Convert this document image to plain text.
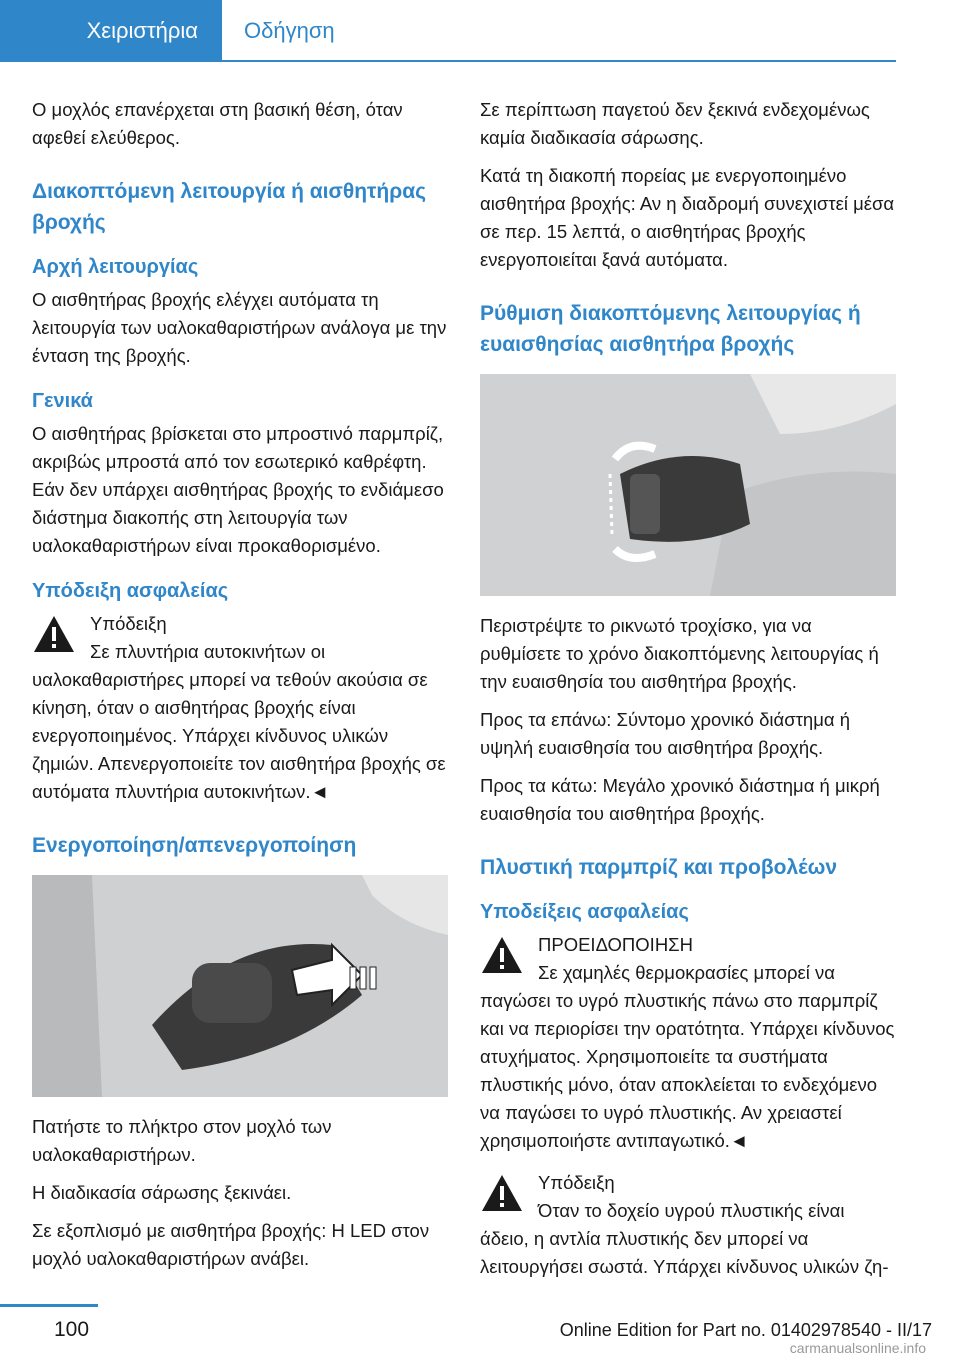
Χειριστήρια	Οδήγηση

Ο μοχλός επανέρχεται στη βασική θέση, όταν αφεθεί ελεύθερος.

Διακοπτόμενη λειτουργία ή αισθητήρας βροχής
Αρχή λειτουργίας

Ο αισθητήρας βροχής ελέγχει αυτόματα τη λειτουργία των υαλοκαθαριστήρων ανάλογα με την ένταση της βροχής.

Γενικά

Ο αισθητήρας βρίσκεται στο μπροστινό παρμπρίζ, ακριβώς μπροστά από τον εσωτερικό καθρέφτη. Εάν δεν υπάρχει αισθητήρας βροχής το ενδιάμεσο διάστημα διακοπής στη λειτουργία των υαλοκαθαριστήρων είναι προκαθορισμένο.

Υπόδειξη ασφαλείας
Υπόδειξη
Σε πλυντήρια αυτοκινήτων οι υαλοκαθαριστήρες μπορεί να τεθούν ακούσια σε κίνηση, όταν ο αισθητήρας βροχής είναι ενεργοποιημένος. Υπάρχει κίνδυνος υλικών ζημιών. Απενεργοποιείτε τον αισθητήρα βροχής σε αυτόματα πλυντήρια αυτοκινήτων.◄
Ενεργοποίηση/απενεργοποίηση

Πατήστε το πλήκτρο στον μοχλό των υαλοκαθαριστήρων.

Η διαδικασία σάρωσης ξεκινάει.

Σε εξοπλισμό με αισθητήρα βροχής: Η LED στον μοχλό υαλοκαθαριστήρων ανάβει.

Σε περίπτωση παγετού δεν ξεκινά ενδεχομένως καμία διαδικασία σάρωσης.

Κατά τη διακοπή πορείας με ενεργοποιημένο αισθητήρα βροχής: Αν η διαδρομή συνεχιστεί μέσα σε περ. 15 λεπτά, ο αισθητήρας βροχής ενεργοποιείται ξανά αυτόματα.

Ρύθμιση διακοπτόμενης λειτουργίας ή ευαισθησίας αισθητήρα βροχής

Περιστρέψτε το ρικνωτό τροχίσκο, για να ρυθμίσετε το χρόνο διακοπτόμενης λειτουργίας ή την ευαισθησία του αισθητήρα βροχής.

Προς τα επάνω: Σύντομο χρονικό διάστημα ή υψηλή ευαισθησία του αισθητήρα βροχής.

Προς τα κάτω: Μεγάλο χρονικό διάστημα ή μικρή ευαισθησία του αισθητήρα βροχής.

Πλυστική παρμπρίζ και προβολέων
Υποδείξεις ασφαλείας
ΠΡΟΕΙΔΟΠΟΙΗΣΗ
Σε χαμηλές θερμοκρασίες μπορεί να παγώσει το υγρό πλυστικής πάνω στο παρμπρίζ και να περιορίσει την ορατότητα. Υπάρχει κίνδυνος ατυχήματος. Χρησιμοποιείτε τα συστήματα πλυστικής μόνο, όταν αποκλείεται το ενδεχόμενο να παγώσει το υγρό πλυστικής. Αν χρειαστεί χρησιμοποιήστε αντιπαγωτικό.◄
Υπόδειξη
Όταν το δοχείο υγρού πλυστικής είναι άδειο, η αντλία πλυστικής δεν μπορεί να λειτουργήσει σωστά. Υπάρχει κίνδυνος υλικών ζη-
100	Online Edition for Part no. 01402978540 - II/17
carmanualsonline.info
